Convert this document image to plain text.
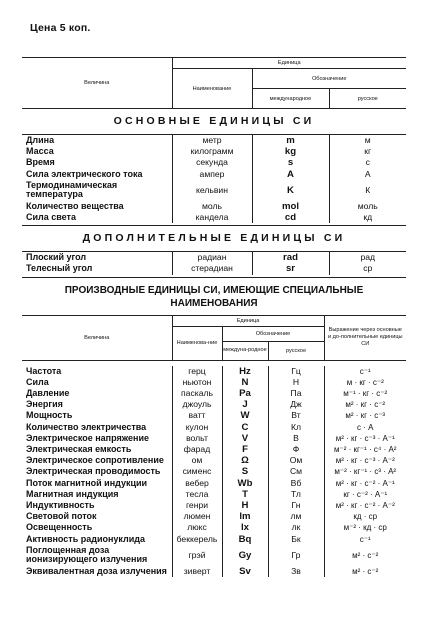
Цена 5 коп.
Величина	Единица		
	Наименование	Обозначение	
		международное	русское
ОСНОВНЫЕ ЕДИНИЦЫ СИ
Длина	метр	m	м
Масса	килограмм	kg	кг
Время	секунда	s	с
Сила электрического тока	ампер	A	А
Термодинамическая температура	кельвин	K	К
Количество вещества	моль	mol	моль
Сила света	кандела	cd	кд
ДОПОЛНИТЕЛЬНЫЕ ЕДИНИЦЫ СИ
Плоский угол	радиан	rad	рад
Телесный угол	стерадиан	sr	ср
ПРОИЗВОДНЫЕ ЕДИНИЦЫ СИ, ИМЕЮЩИЕ СПЕЦИАЛЬНЫЕ
НАИМЕНОВАНИЯ
Величина	Единица			Выражение через основные и до-полнительные единицы СИ
	Наименова-ние	Обозначение		
		междуна-родное	русское	
Частота	герц	Hz	Гц	с⁻¹
Сила	ньютон	N	Н	м · кг · с⁻²
Давление	паскаль	Pa	Па	м⁻¹ · кг · с⁻²
Энергия	джоуль	J	Дж	м² · кг · с⁻²
Мощность	ватт	W	Вт	м² · кг · с⁻³
Количество электричества	кулон	C	Кл	с · А
Электрическое напряжение	вольт	V	В	м² · кг · с⁻³ · А⁻¹
Электрическая емкость	фарад	F	Ф	м⁻² · кг⁻¹ · с⁴ · А²
Электрическое сопротивление	ом	Ω	Ом	м² · кг · с⁻³ · А⁻²
Электрическая проводимость	сименс	S	См	м⁻² · кг⁻¹ · с³ · А²
Поток магнитной индукции	вебер	Wb	Вб	м² · кг · с⁻² · А⁻¹
Магнитная индукция	тесла	T	Тл	кг · с⁻² · А⁻¹
Индуктивность	генри	H	Гн	м² · кг · с⁻² · А⁻²
Световой поток	люмен	lm	лм	кд · ср
Освещенность	люкс	lx	лк	м⁻² · кд · ср
Активность радионуклида	беккерель	Bq	Бк	с⁻¹
Поглощенная доза ионизирующего излучения	грэй	Gy	Гр	м² · с⁻²
Эквивалентная доза излучения	зиверт	Sv	Зв	м² · с⁻²
